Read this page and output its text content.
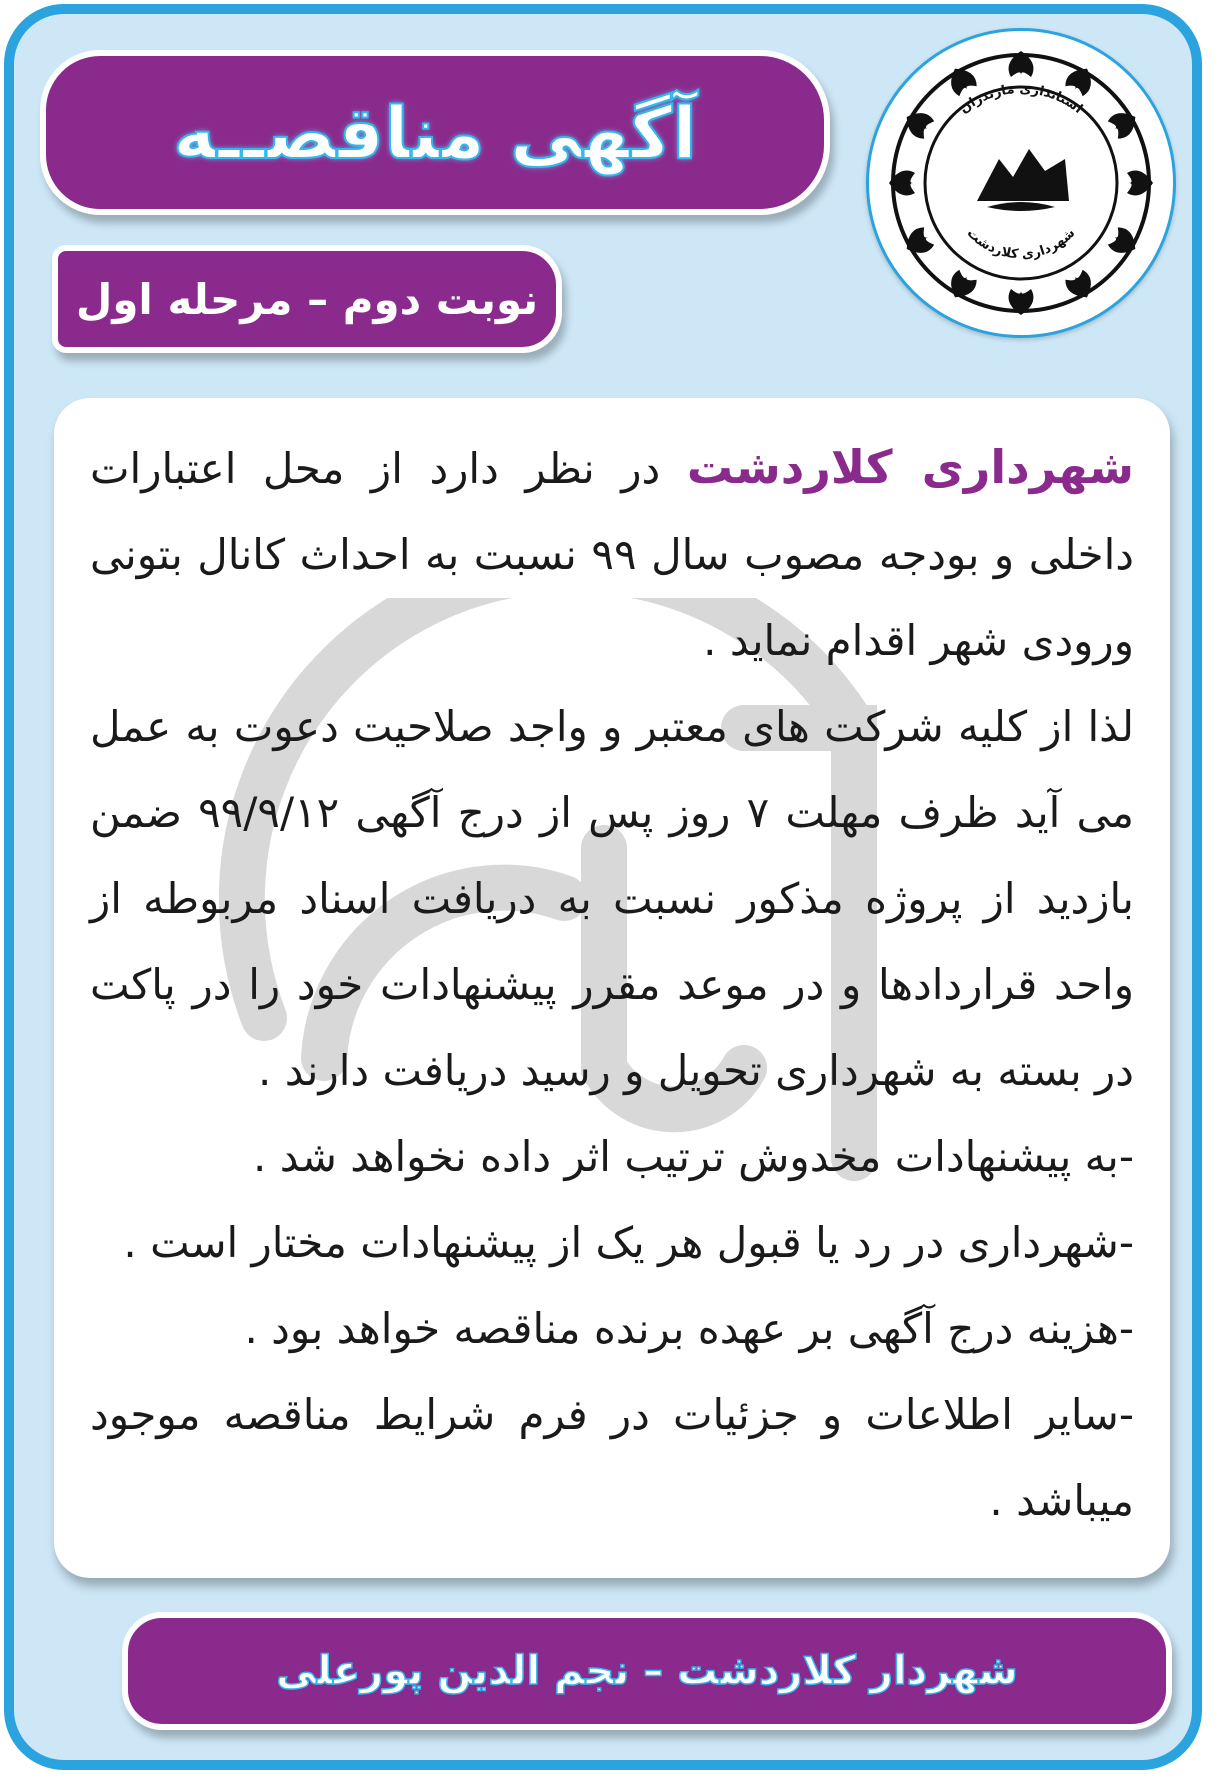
آگهی مناقصــه
نوبت دوم – مرحله اول
استانداری مازندران
شهرداری کلاردشت

شهرداری کلاردشت در نظر دارد از محل اعتبارات داخلی و بودجه مصوب سال ۹۹ نسبت به احداث کانال بتونی ورودی شهر اقدام نماید .

لذا از کلیه شرکت های معتبر و واجد صلاحیت دعوت به عمل می آید ظرف مهلت ۷ روز پس از درج آگهی ۹۹/۹/۱۲ ضمن بازدید از پروژه مذکور نسبت به دریافت اسناد مربوطه از واحد قراردادها و در موعد مقرر پیشنهادات خود را در پاکت در بسته به شهرداری تحویل و رسید دریافت دارند .

-به پیشنهادات مخدوش ترتیب اثر داده نخواهد شد .

-شهرداری در رد یا قبول هر یک از پیشنهادات مختار است .

-هزینه درج آگهی بر عهده برنده مناقصه خواهد بود .

-سایر اطلاعات و جزئیات در فرم شرایط مناقصه موجود میباشد .

شهردار کلاردشت – نجم الدین پورعلی
